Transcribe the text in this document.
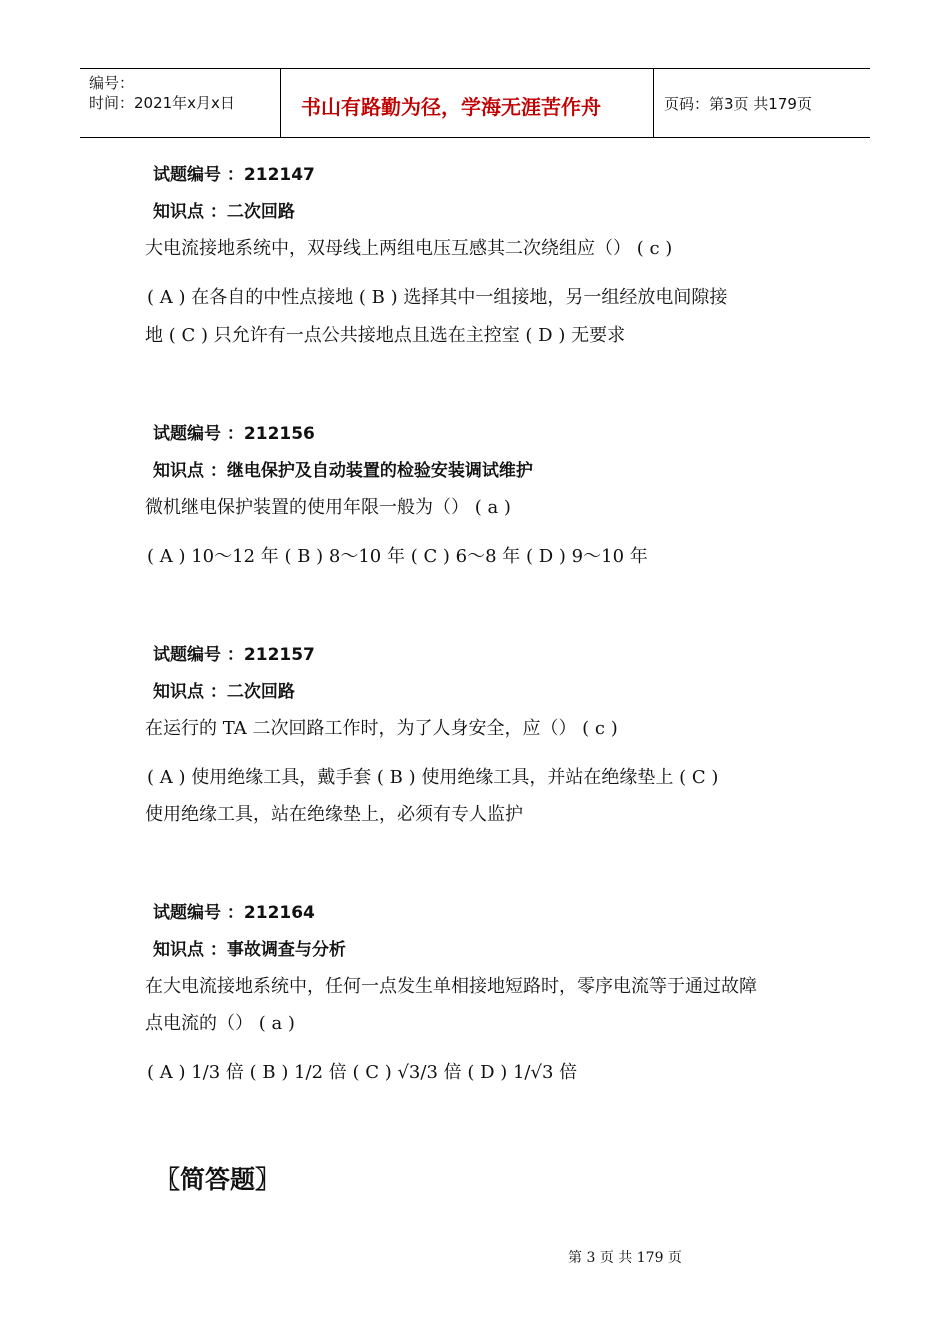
编号：
时间：2021年x月x日	书山有路勤为径，学海无涯苦作舟	页码：第3页 共179页
试题编号 ：212147
知识点 ：二次回路
大电流接地系统中，双母线上两组电压互感其二次绕组应（） ( c )
( A ) 在各自的中性点接地 ( B ) 选择其中一组接地，另一组经放电间隙接
地 ( C ) 只允许有一点公共接地点且选在主控室 ( D ) 无要求
试题编号 ：212156
知识点 ：继电保护及自动装置的检验安装调试维护
微机继电保护装置的使用年限一般为（） ( a )
( A ) 10～12 年 ( B ) 8～10 年 ( C ) 6～8 年 ( D ) 9～10 年
试题编号 ：212157
知识点 ：二次回路
在运行的 TA 二次回路工作时，为了人身安全，应（） ( c )
( A ) 使用绝缘工具，戴手套 ( B ) 使用绝缘工具，并站在绝缘垫上 ( C )
使用绝缘工具，站在绝缘垫上，必须有专人监护
试题编号 ：212164
知识点 ：事故调查与分析
在大电流接地系统中，任何一点发生单相接地短路时，零序电流等于通过故障
点电流的（） ( a )
( A ) 1/3 倍 ( B ) 1/2 倍 ( C ) √3/3 倍 ( D ) 1/√3 倍
〖简答题〗
第 3 页 共 179 页
